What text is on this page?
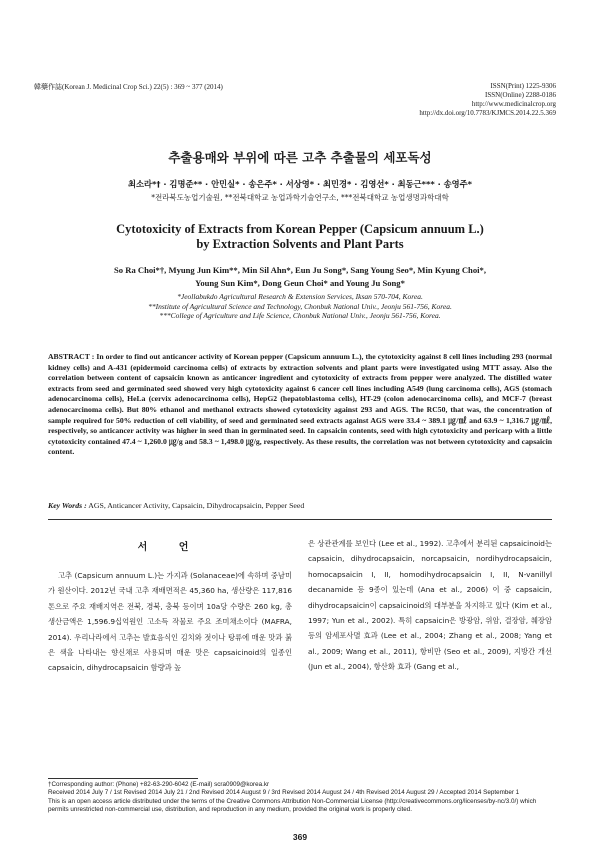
韓藥作誌(Korean J. Medicinal Crop Sci.) 22(5) : 369 ~ 377 (2014)	ISSN(Print) 1225-9306
ISSN(Online) 2288-0186
http://www.medicinalcrop.org
http://dx.doi.org/10.7783/KJMCS.2014.22.5.369
추출용매와 부위에 따른 고추 추출물의 세포독성
최소라*† · 김명준** · 안민실* · 송은주* · 서상영* · 최민경* · 김영선* · 최동근*** · 송영주*
*전라북도농업기술원, **전북대학교 농업과학기술연구소, ***전북대학교 농업생명과학대학
Cytotoxicity of Extracts from Korean Pepper (Capsicum annuum L.)
by Extraction Solvents and Plant Parts
So Ra Choi*†, Myung Jun Kim**, Min Sil Ahn*, Eun Ju Song*, Sang Young Seo*, Min Kyung Choi*,
Young Sun Kim*, Dong Geun Choi* and Young Ju Song*
*Jeollabukdo Agricultural Research & Extension Services, Iksan 570-704, Korea.
**Institute of Agricultural Science and Technology, Chonbuk National Univ., Jeonju 561-756, Korea.
***College of Agriculture and Life Science, Chonbuk National Univ., Jeonju 561-756, Korea.
ABSTRACT : In order to find out anticancer activity of Korean pepper (Capsicum annuum L.), the cytotoxicity against 8 cell lines including 293 (normal kidney cells) and A-431 (epidermoid carcinoma cells) of extracts by extraction solvents and plant parts were investigated using MTT assay. Also the correlation between content of capsaicin known as anticancer ingredient and cytotoxicity of extracts from pepper were analyzed. The distilled water extracts from seed and germinated seed showed very high cytotoxicity against 6 cancer cell lines including A549 (lung carcinoma cells), AGS (stomach adenocarcinoma cells), HeLa (cervix adenocarcinoma cells), HepG2 (hepatoblastoma cells), HT-29 (colon adenocarcinoma cells), and MCF-7 (breast adenocarcinoma cells). But 80% ethanol and methanol extracts showed cytotoxicity against 293 and AGS. The RC50, that was, the concentration of sample required for 50% reduction of cell viability, of seed and germinated seed extracts against AGS were 33.4 ~ 389.1 ㎍/㎖ and 63.9 ~ 1,316.7 ㎍/㎖, respectively, so anticancer activity was higher in seed than in germinated seed. In capsaicin contents, seed with high cytotoxicity and pericarp with a little cytotoxicity contained 47.4 ~ 1,260.0 ㎍/g and 58.3 ~ 1,498.0 ㎍/g, respectively. As these results, the correlation was not between cytotoxicity and capsaicin content.
Key Words : AGS, Anticancer Activity, Capsaicin, Dihydrocapsaicin, Pepper Seed
서 언
고추 (Capsicum annuum L.)는 가지과 (Solanaceae)에 속하며 중남미가 원산이다. 2012년 국내 고추 재배면적은 45,360 ha, 생산량은 117,816톤으로 주요 재배지역은 전북, 경북, 충북 등이며 10a당 수량은 260 kg, 총생산금액은 1,596.9십억원인 고소득 작물로 주요 조미채소이다 (MAFRA, 2014). 우리나라에서 고추는 발효음식인 김치와 젓이나 탕류에 매운 맛과 붉은 색을 나타내는 향신채로 사용되며 매운 맛은 capsaicinoid의 일종인 capsaicin, dihydrocapsaicin 함량과 높
은 상관관계를 보인다 (Lee et al., 1992). 고추에서 분리된 capsaicinoid는 capsaicin, dihydrocapsaicin, norcapsaicin, nordihydrocapsaicin, homocapsaicin I, II, homodihydrocapsaicin I, II, N-vanillyl decanamide 등 9종이 있는데 (Ana et al., 2006) 이 중 capsaicin, dihydrocapsaicin이 capsaicinoid의 대부분을 차지하고 있다 (Kim et al., 1997; Yun et al., 2002). 특히 capsaicin은 방광암, 위암, 결장암, 췌장암 등의 암세포사멸 효과 (Lee et al., 2004; Zhang et al., 2008; Yang et al., 2009; Wang et al., 2011), 항비만 (Seo et al., 2009), 지방간 개선 (Jun et al., 2004), 항산화 효과 (Gang et al.,
†Corresponding author: (Phone) +82-63-290-6042 (E-mail) scra0909@korea.kr
Received 2014 July 7 / 1st Revised 2014 July 21 / 2nd Revised 2014 August 9 / 3rd Revised 2014 August 24 / 4th Revised 2014 August 29 / Accepted 2014 September 1
This is an open access article distributed under the terms of the Creative Commons Attribution Non-Commercial License (http://creativecommons.org/licenses/by-nc/3.0/) which permits unrestricted non-commercial use, distribution, and reproduction in any medium, provided the original work is properly cited.
369
